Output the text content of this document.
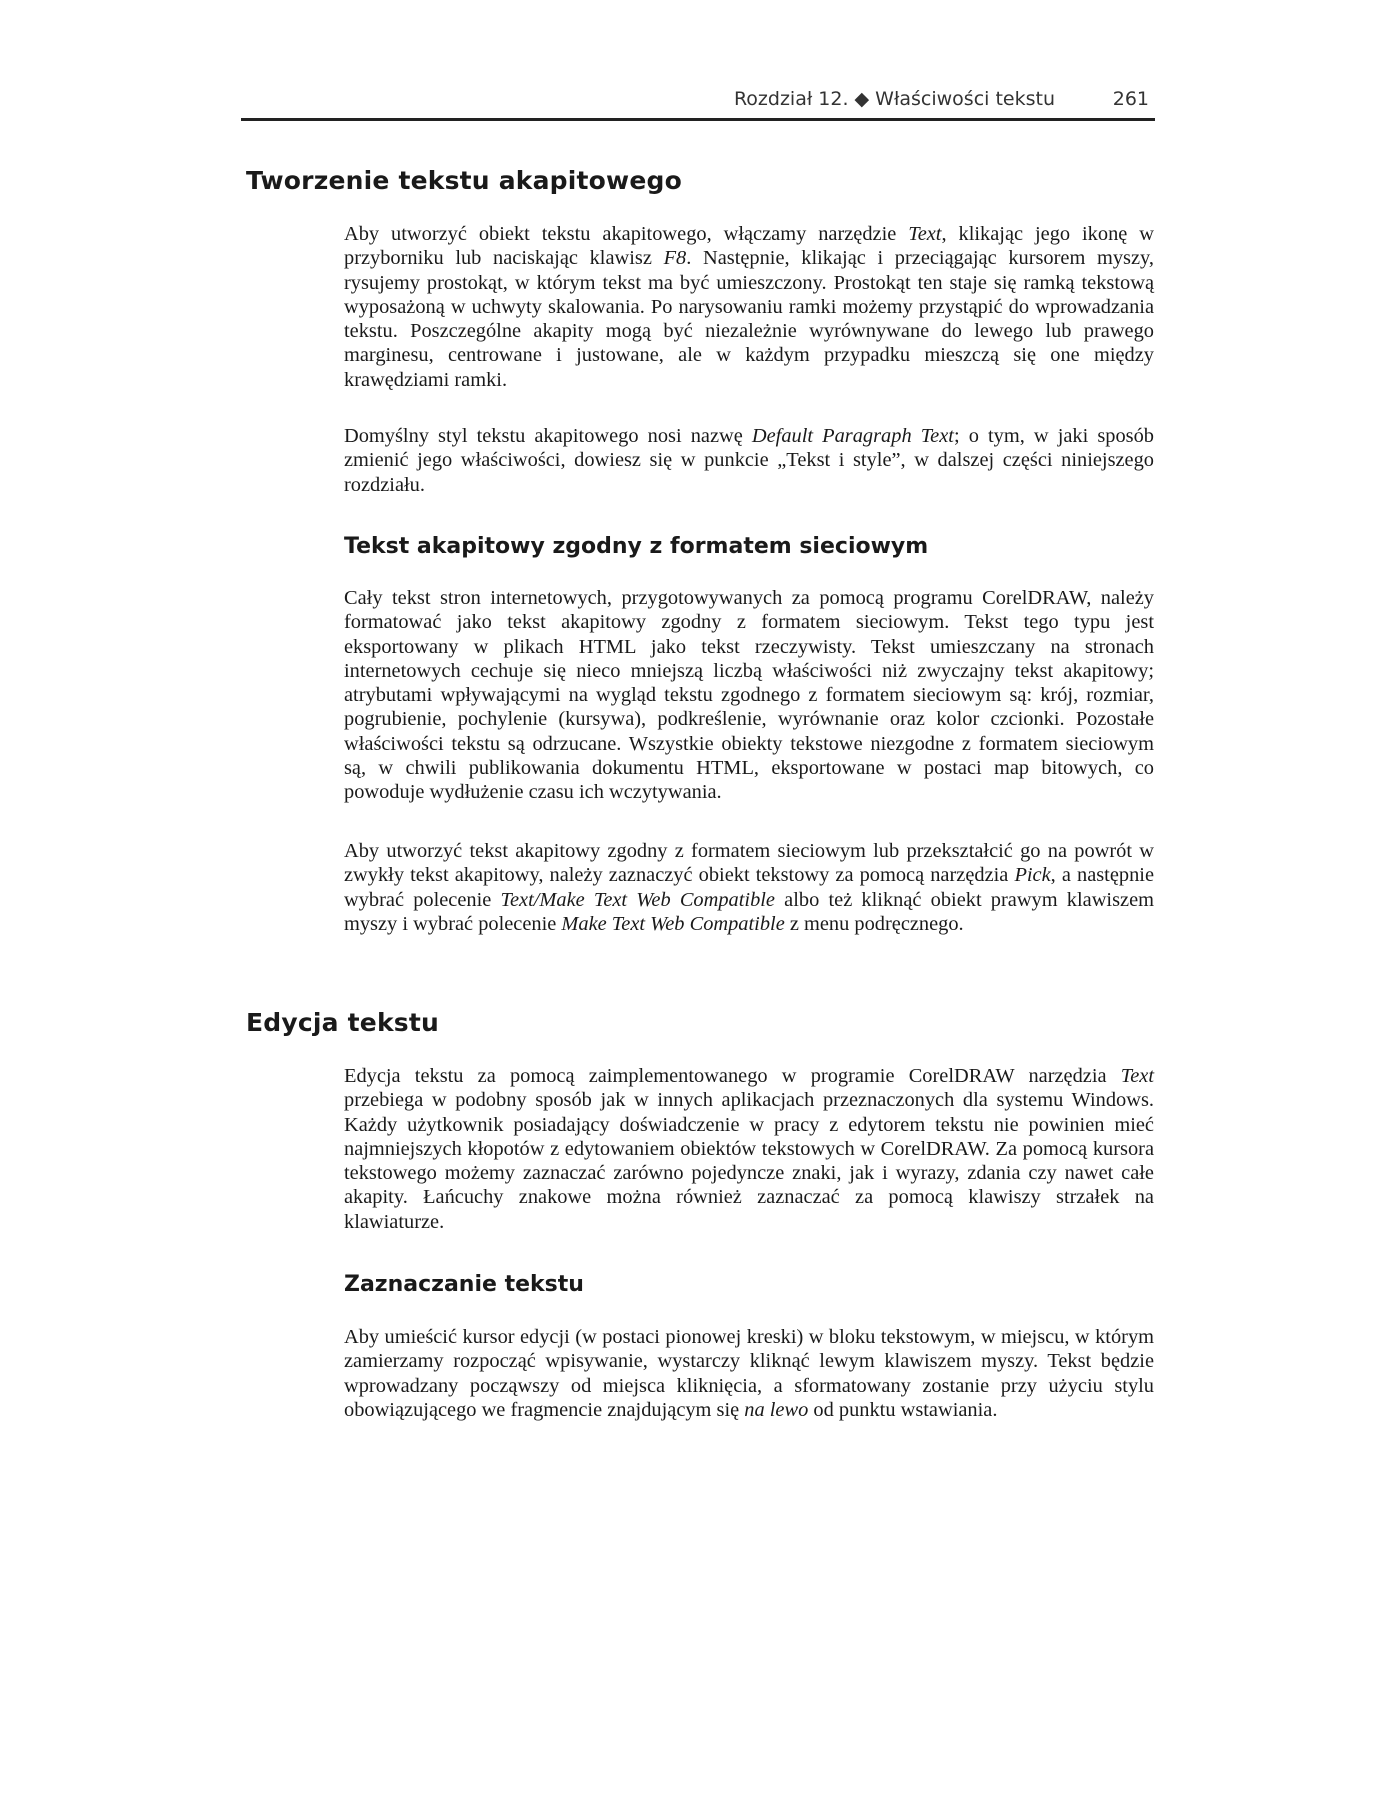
Rozdział 12. ◆ Właściwości tekstu	261
Tworzenie tekstu akapitowego

Aby utworzyć obiekt tekstu akapitowego, włączamy narzędzie Text, klikając jego ikonę w przyborniku lub naciskając klawisz F8. Następnie, klikając i przeciągając kursorem myszy, rysujemy prostokąt, w którym tekst ma być umieszczony. Prostokąt ten staje się ramką tekstową wyposażoną w uchwyty skalowania. Po narysowaniu ramki możemy przystąpić do wprowadzania tekstu. Poszczególne akapity mogą być niezależnie wyrównywane do lewego lub prawego marginesu, centrowane i justowane, ale w każdym przypadku mieszczą się one między krawędziami ramki.

Domyślny styl tekstu akapitowego nosi nazwę Default Paragraph Text; o tym, w jaki sposób zmienić jego właściwości, dowiesz się w punkcie „Tekst i style”, w dalszej części niniejszego rozdziału.

Tekst akapitowy zgodny z formatem sieciowym

Cały tekst stron internetowych, przygotowywanych za pomocą programu CorelDRAW, należy formatować jako tekst akapitowy zgodny z formatem sieciowym. Tekst tego typu jest eksportowany w plikach HTML jako tekst rzeczywisty. Tekst umieszczany na stronach internetowych cechuje się nieco mniejszą liczbą właściwości niż zwyczajny tekst akapitowy; atrybutami wpływającymi na wygląd tekstu zgodnego z formatem sieciowym są: krój, rozmiar, pogrubienie, pochylenie (kursywa), podkreślenie, wyrównanie oraz kolor czcionki. Pozostałe właściwości tekstu są odrzucane. Wszystkie obiekty tekstowe niezgodne z formatem sieciowym są, w chwili publikowania dokumentu HTML, eksportowane w postaci map bitowych, co powoduje wydłużenie czasu ich wczytywania.

Aby utworzyć tekst akapitowy zgodny z formatem sieciowym lub przekształcić go na powrót w zwykły tekst akapitowy, należy zaznaczyć obiekt tekstowy za pomocą narzędzia Pick, a następnie wybrać polecenie Text/Make Text Web Compatible albo też kliknąć obiekt prawym klawiszem myszy i wybrać polecenie Make Text Web Compatible z menu podręcznego.

Edycja tekstu

Edycja tekstu za pomocą zaimplementowanego w programie CorelDRAW narzędzia Text przebiega w podobny sposób jak w innych aplikacjach przeznaczonych dla systemu Windows. Każdy użytkownik posiadający doświadczenie w pracy z edytorem tekstu nie powinien mieć najmniejszych kłopotów z edytowaniem obiektów tekstowych w CorelDRAW. Za pomocą kursora tekstowego możemy zaznaczać zarówno pojedyncze znaki, jak i wyrazy, zdania czy nawet całe akapity. Łańcuchy znakowe można również zaznaczać za pomocą klawiszy strzałek na klawiaturze.

Zaznaczanie tekstu

Aby umieścić kursor edycji (w postaci pionowej kreski) w bloku tekstowym, w miejscu, w którym zamierzamy rozpocząć wpisywanie, wystarczy kliknąć lewym klawiszem myszy. Tekst będzie wprowadzany począwszy od miejsca kliknięcia, a sformatowany zostanie przy użyciu stylu obowiązującego we fragmencie znajdującym się na lewo od punktu wstawiania.
